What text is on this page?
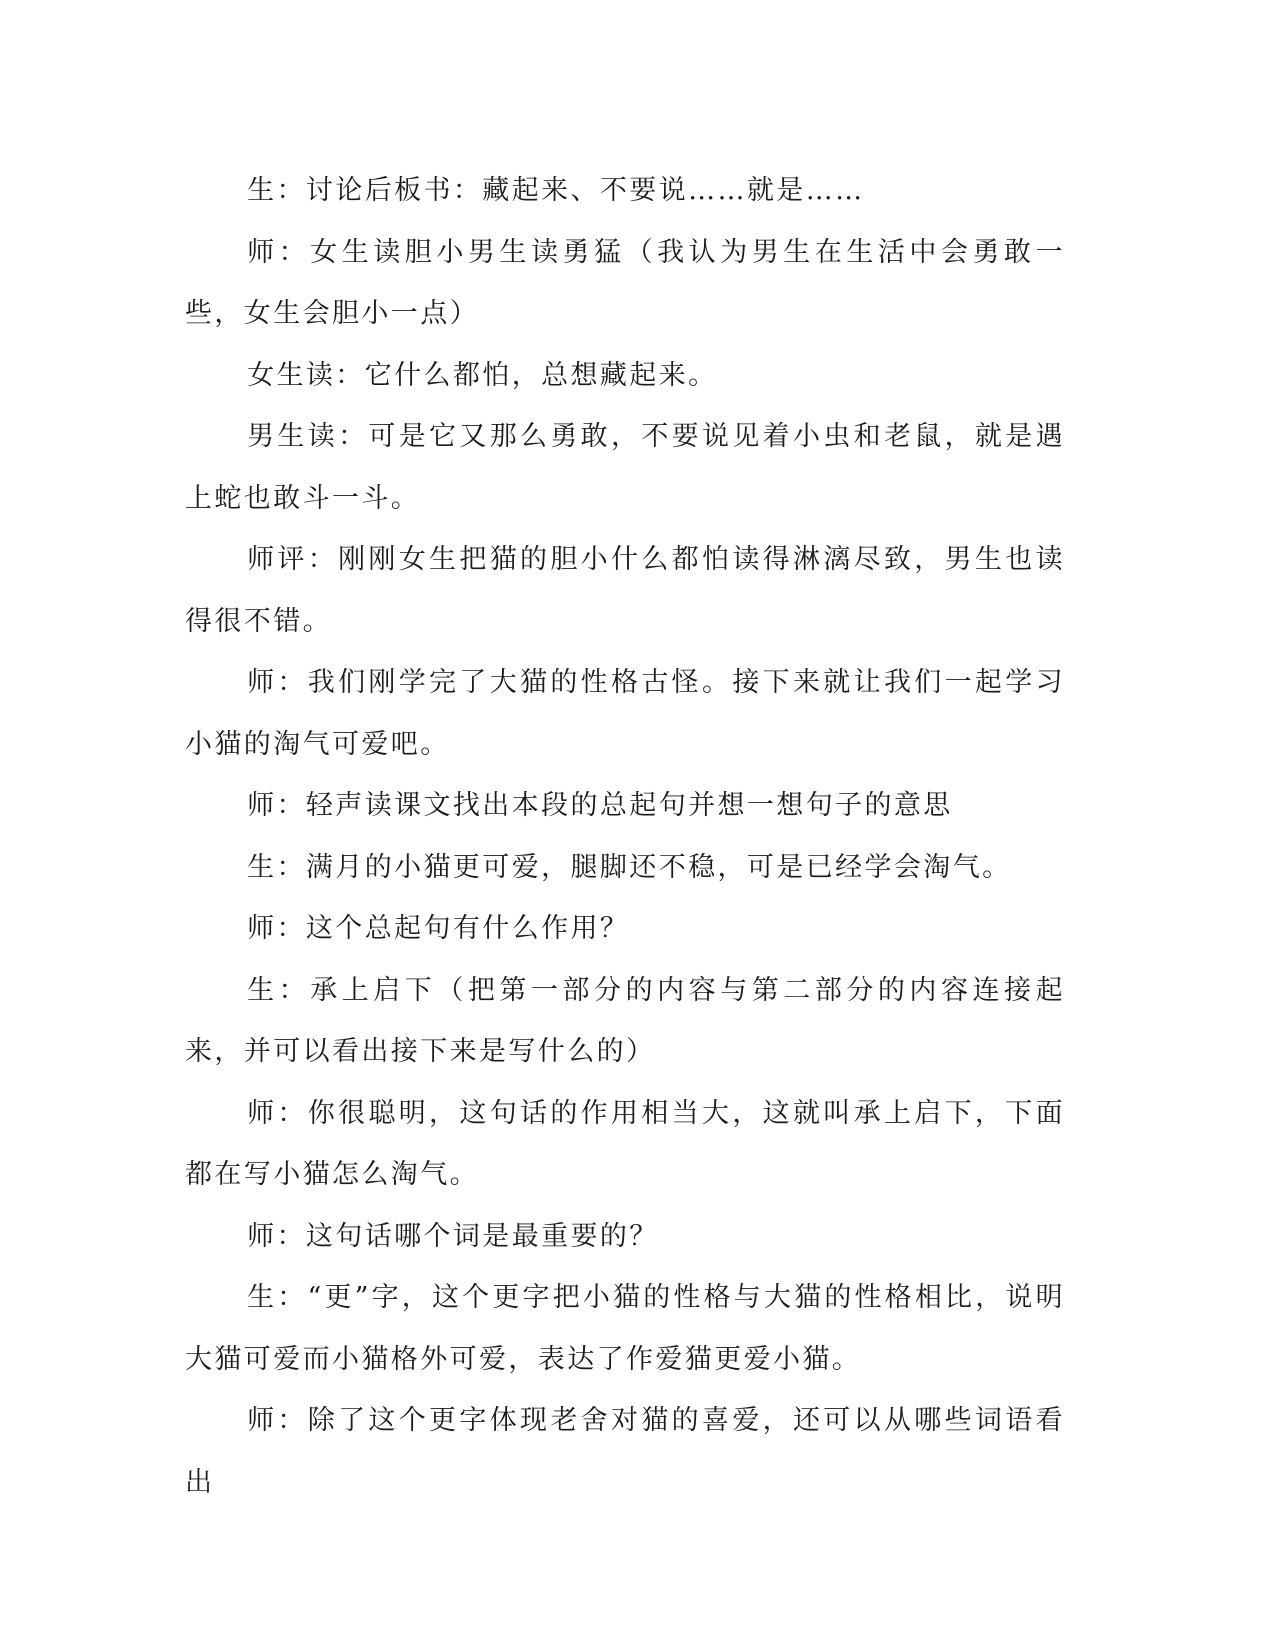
生：讨论后板书：藏起来、不要说……就是……

师：女生读胆小男生读勇猛（我认为男生在生活中会勇敢一些，女生会胆小一点）

女生读：它什么都怕，总想藏起来。

男生读：可是它又那么勇敢，不要说见着小虫和老鼠，就是遇上蛇也敢斗一斗。

师评：刚刚女生把猫的胆小什么都怕读得淋漓尽致，男生也读得很不错。

师：我们刚学完了大猫的性格古怪。接下来就让我们一起学习小猫的淘气可爱吧。

师：轻声读课文找出本段的总起句并想一想句子的意思

生：满月的小猫更可爱，腿脚还不稳，可是已经学会淘气。

师：这个总起句有什么作用？

生：承上启下（把第一部分的内容与第二部分的内容连接起来，并可以看出接下来是写什么的）

师：你很聪明，这句话的作用相当大，这就叫承上启下，下面都在写小猫怎么淘气。

师：这句话哪个词是最重要的？

生：“更”字，这个更字把小猫的性格与大猫的性格相比，说明大猫可爱而小猫格外可爱，表达了作爱猫更爱小猫。

师：除了这个更字体现老舍对猫的喜爱，还可以从哪些词语看出
